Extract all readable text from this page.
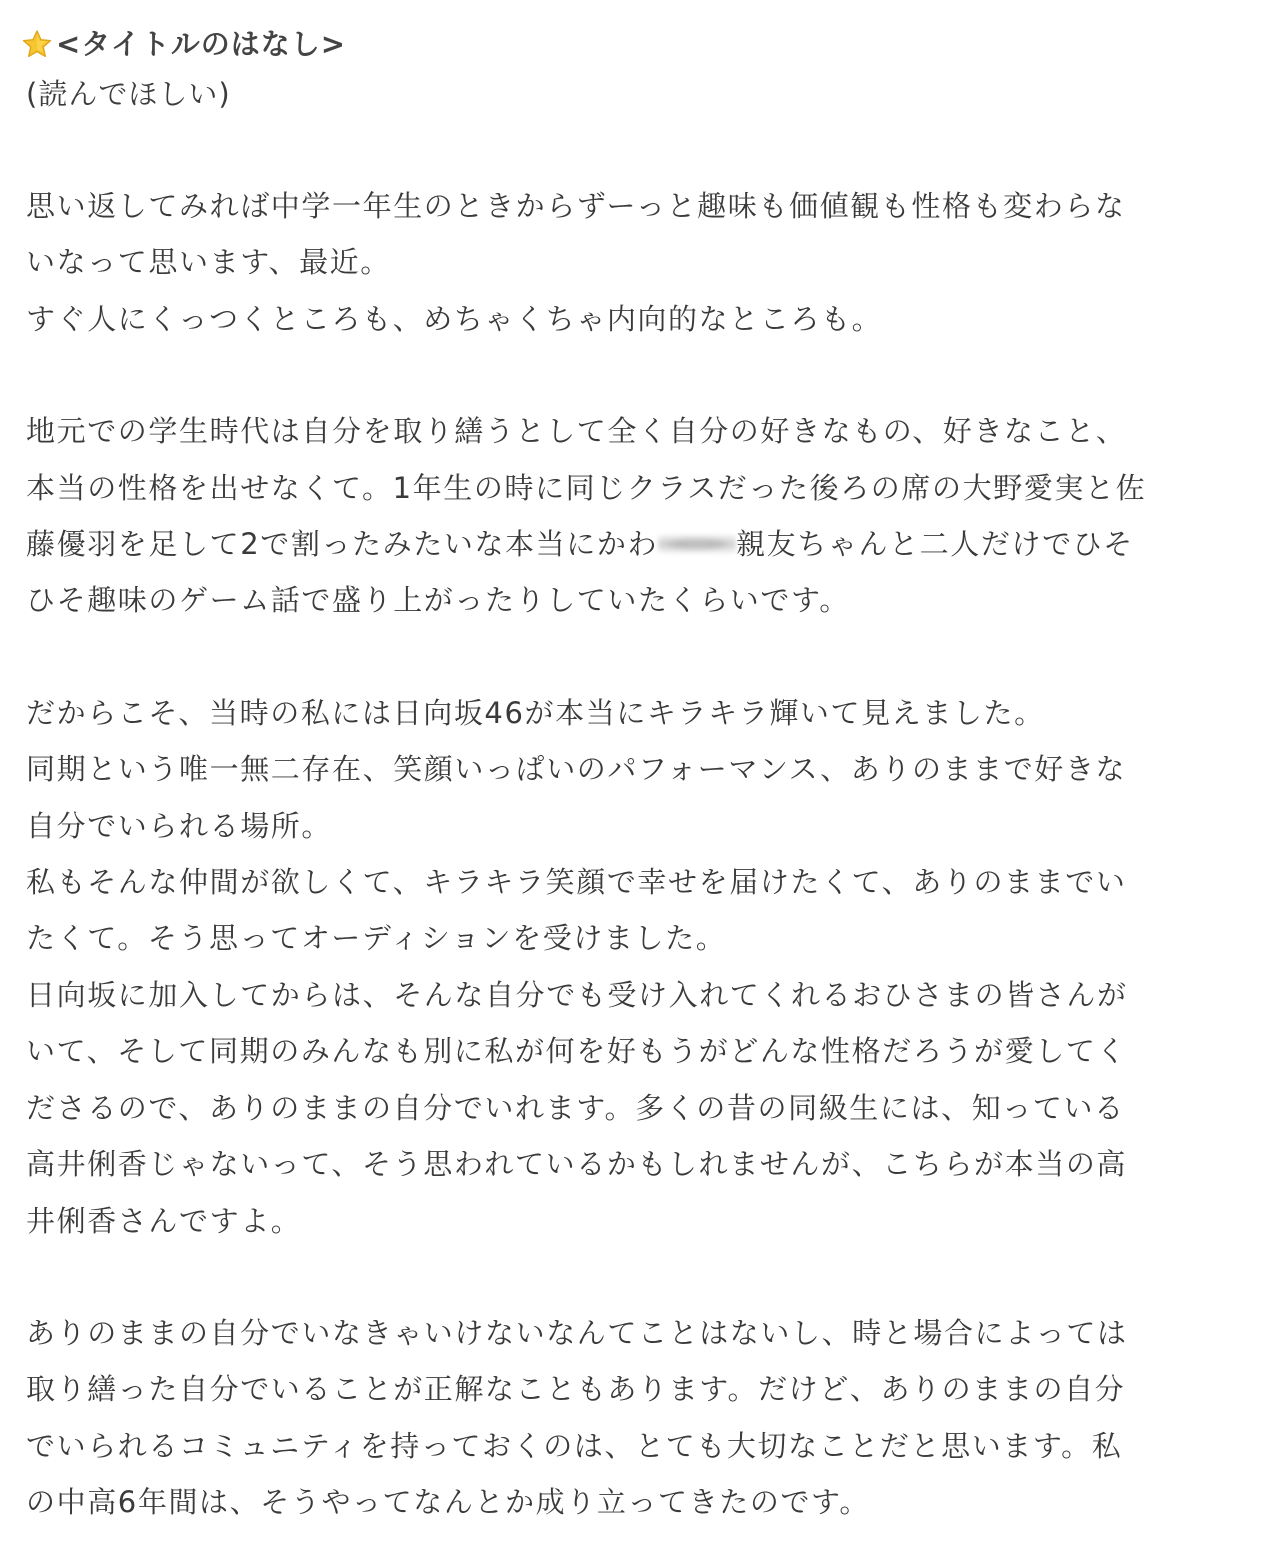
<タイトルのはなし>

(読んでほしい)

思い返してみれば中学一年生のときからずーっと趣味も価値観も性格も変わらな

いなって思います、最近。

すぐ人にくっつくところも、めちゃくちゃ内向的なところも。

地元での学生時代は自分を取り繕うとして全く自分の好きなもの、好きなこと、

本当の性格を出せなくて。1年生の時に同じクラスだった後ろの席の大野愛実と佐

藤優羽を足して2で割ったみたいな本当にかわ	親友ちゃんと二人だけでひそ

ひそ趣味のゲーム話で盛り上がったりしていたくらいです。

だからこそ、当時の私には日向坂46が本当にキラキラ輝いて見えました。

同期という唯一無二存在、笑顔いっぱいのパフォーマンス、ありのままで好きな

自分でいられる場所。

私もそんな仲間が欲しくて、キラキラ笑顔で幸せを届けたくて、ありのままでい

たくて。そう思ってオーディションを受けました。

日向坂に加入してからは、そんな自分でも受け入れてくれるおひさまの皆さんが

いて、そして同期のみんなも別に私が何を好もうがどんな性格だろうが愛してく

ださるので、ありのままの自分でいれます。多くの昔の同級生には、知っている

高井俐香じゃないって、そう思われているかもしれませんが、こちらが本当の高

井俐香さんですよ。

ありのままの自分でいなきゃいけないなんてことはないし、時と場合によっては

取り繕った自分でいることが正解なこともあります。だけど、ありのままの自分

でいられるコミュニティを持っておくのは、とても大切なことだと思います。私

の中高6年間は、そうやってなんとか成り立ってきたのです。
